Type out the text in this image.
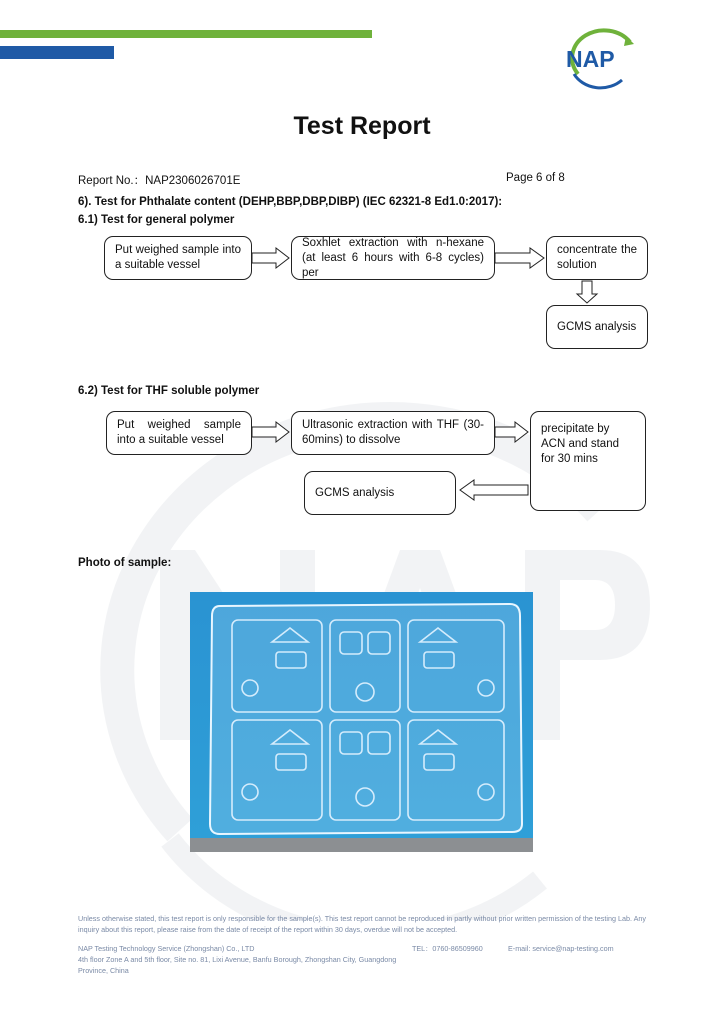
NAP
Test Report
Report No.：NAP2306026701E	Page 6 of 8
6). Test for Phthalate content (DEHP,BBP,DBP,DIBP) (IEC 62321-8 Ed1.0:2017):
6.1) Test for general polymer
Put weighed sample into a suitable vessel
Soxhlet extraction with n-hexane (at least 6 hours with 6-8 cycles) per
concentrate the solution
GCMS analysis
6.2) Test for THF soluble polymer
Put weighed sample into a suitable vessel
Ultrasonic extraction with THF (30-60mins) to dissolve
precipitate by ACN and stand for 30 mins
GCMS analysis
Photo of sample:
Unless otherwise stated, this test report is only responsible for the sample(s). This test report cannot be reproduced in partly without prior written permission of the testing Lab. Any inquiry about this report, please raise from the date of receipt of the report within 30 days, overdue will not be accepted.
NAP Testing Technology Service (Zhongshan) Co., LTD
4th floor Zone A and 5th floor, Site no. 81, Lixi Avenue, Banfu Borough, Zhongshan City, Guangdong Province, China
TEL：0760-86509960	E-mail: service@nap-testing.com
